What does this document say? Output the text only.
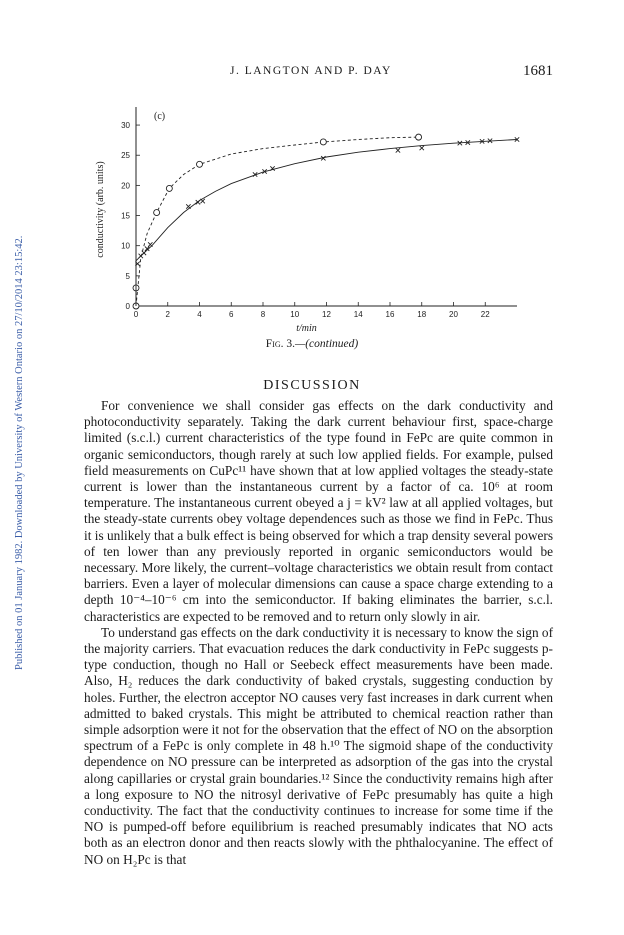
Published on 01 January 1982. Downloaded by University of Western Ontario on 27/10/2014 23:15:42.
J. LANGTON AND P. DAY	1681
0	2	4	6	8	10	12	14	16	18	20	22
0
5
10
15
20
25
30
t/min
conductivity (arb. units)
(c)
Fig. 3.—(continued)
DISCUSSION

For convenience we shall consider gas effects on the dark conductivity and photoconductivity separately. Taking the dark current behaviour first, space-charge limited (s.c.l.) current characteristics of the type found in FePc are quite common in organic semiconductors, though rarely at such low applied fields. For example, pulsed field measurements on CuPc¹¹ have shown that at low applied voltages the steady-state current is lower than the instantaneous current by a factor of ca. 10⁶ at room temperature. The instantaneous current obeyed a j = kV² law at all applied voltages, but the steady-state currents obey voltage dependences such as those we find in FePc. Thus it is unlikely that a bulk effect is being observed for which a trap density several powers of ten lower than any previously reported in organic semiconductors would be necessary. More likely, the current–voltage characteristics we obtain result from contact barriers. Even a layer of molecular dimensions can cause a space charge extending to a depth 10⁻⁴–10⁻⁶ cm into the semiconductor. If baking eliminates the barrier, s.c.l. characteristics are expected to be removed and to return only slowly in air.

To understand gas effects on the dark conductivity it is necessary to know the sign of the majority carriers. That evacuation reduces the dark conductivity in FePc suggests p-type conduction, though no Hall or Seebeck effect measurements have been made. Also, H₂ reduces the dark conductivity of baked crystals, suggesting conduction by holes. Further, the electron acceptor NO causes very fast increases in dark current when admitted to baked crystals. This might be attributed to chemical reaction rather than simple adsorption were it not for the observation that the effect of NO on the absorption spectrum of a FePc is only complete in 48 h.¹⁰ The sigmoid shape of the conductivity dependence on NO pressure can be interpreted as adsorption of the gas into the crystal along capillaries or crystal grain boundaries.¹² Since the conductivity remains high after a long exposure to NO the nitrosyl derivative of FePc presumably has quite a high conductivity. The fact that the conductivity continues to increase for some time if the NO is pumped-off before equilibrium is reached presumably indicates that NO acts both as an electron donor and then reacts slowly with the phthalocyanine. The effect of NO on H₂Pc is that
